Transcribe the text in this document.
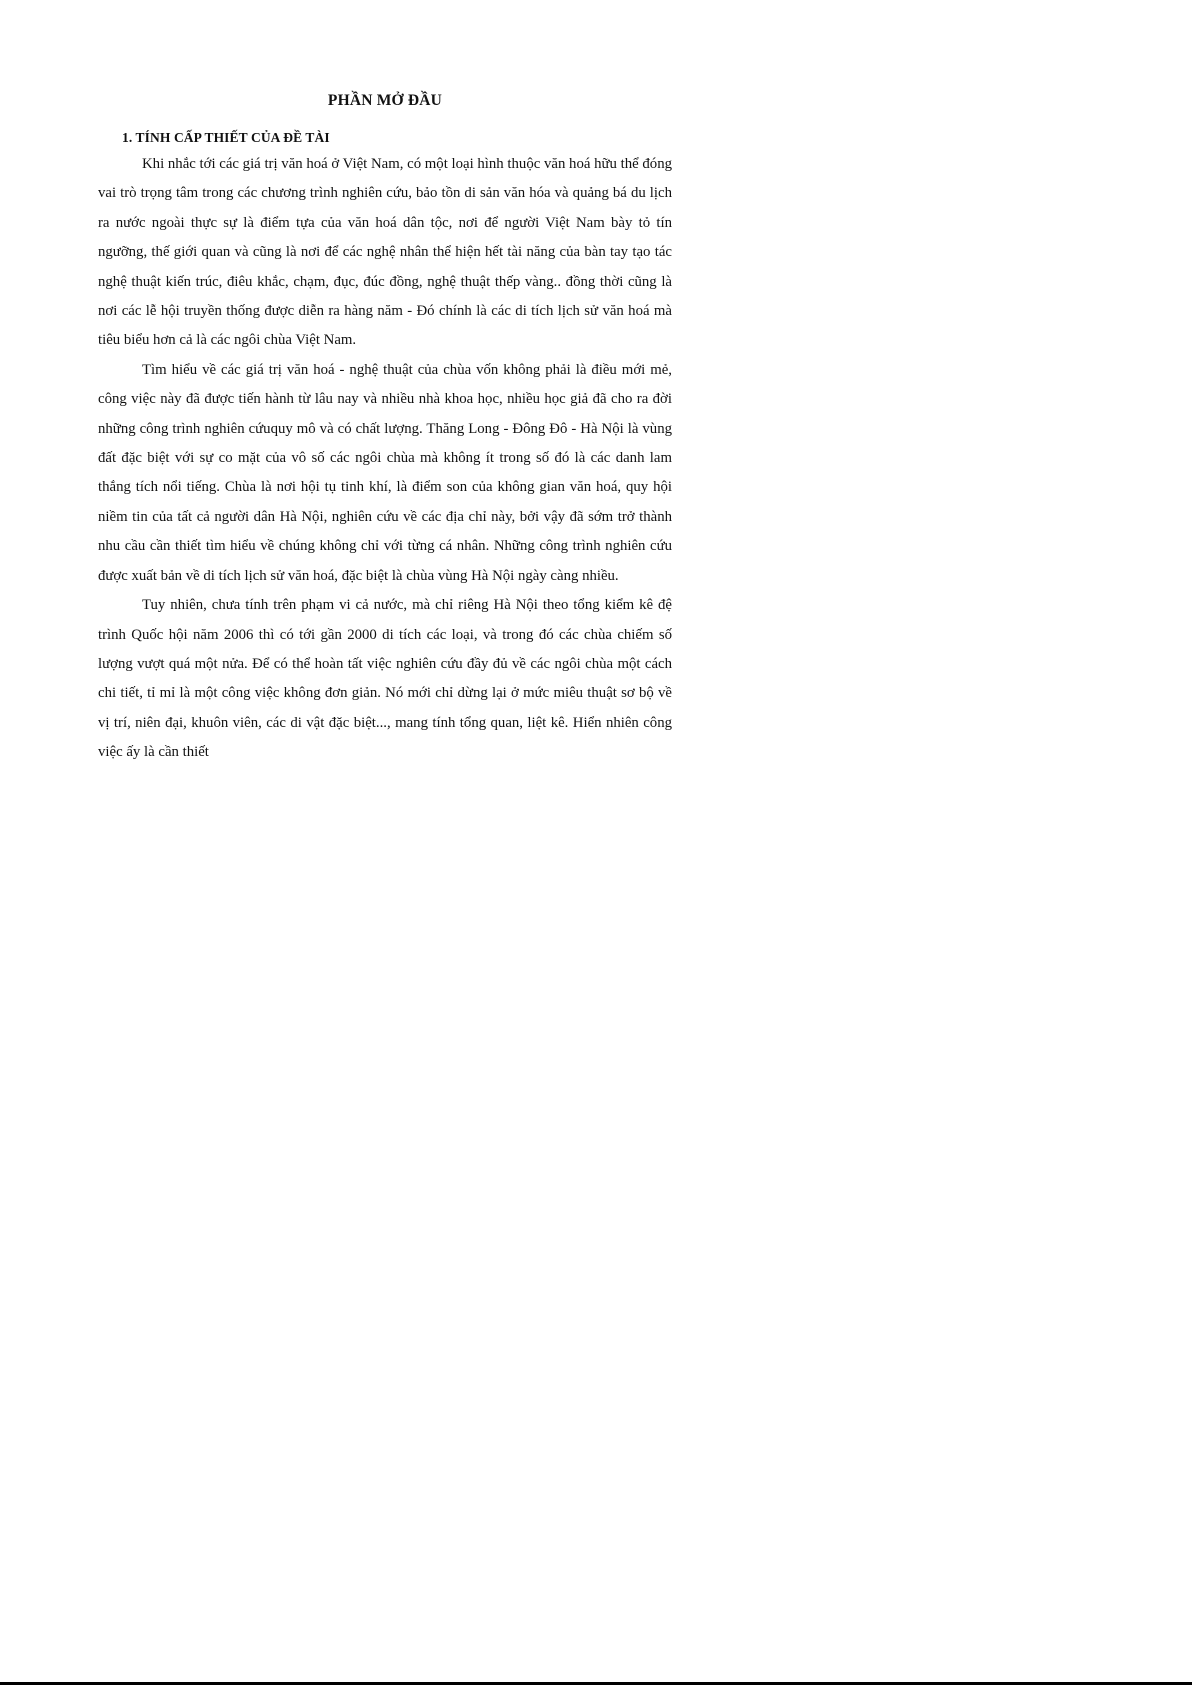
PHẦN MỞ ĐẦU
1. TÍNH CẤP THIẾT CỦA ĐỀ TÀI

Khi nhắc tới các giá trị văn hoá ở Việt Nam, có một loại hình thuộc văn hoá hữu thể đóng vai trò trọng tâm trong các chương trình nghiên cứu, bảo tồn di sản văn hóa và quảng bá du lịch ra nước ngoài thực sự là điểm tựa của văn hoá dân tộc, nơi để người Việt Nam bày tỏ tín ngưỡng, thế giới quan và cũng là nơi để các nghệ nhân thể hiện hết tài năng của bàn tay tạo tác nghệ thuật kiến trúc, điêu khắc, chạm, đục, đúc đồng, nghệ thuật thếp vàng.. đồng thời cũng là nơi các lễ hội truyền thống được diễn ra hàng năm - Đó chính là các di tích lịch sử văn hoá mà tiêu biểu hơn cả là các ngôi chùa Việt Nam.

Tìm hiểu về các giá trị văn hoá - nghệ thuật của chùa vốn không phải là điều mới mẻ, công việc này đã được tiến hành từ lâu nay và nhiều nhà khoa học, nhiều học giả đã cho ra đời những công trình nghiên cứuquy mô và có chất lượng. Thăng Long - Đông Đô - Hà Nội là vùng đất đặc biệt với sự co mặt của vô số các ngôi chùa mà không ít trong số đó là các danh lam thắng tích nổi tiếng. Chùa là nơi hội tụ tinh khí, là điểm son của không gian văn hoá, quy hội niềm tin của tất cả người dân Hà Nội, nghiên cứu về các địa chỉ này, bởi vậy đã sớm trở thành nhu cầu cần thiết tìm hiểu về chúng không chỉ với từng cá nhân. Những công trình nghiên cứu được xuất bản về di tích lịch sử văn hoá, đặc biệt là chùa vùng Hà Nội ngày càng nhiều.

Tuy nhiên, chưa tính trên phạm vi cả nước, mà chỉ riêng Hà Nội theo tổng kiểm kê đệ trình Quốc hội năm 2006 thì có tới gần 2000 di tích các loại, và trong đó các chùa chiếm số lượng vượt quá một nửa. Để có thể hoàn tất việc nghiên cứu đầy đủ về các ngôi chùa một cách chi tiết, tỉ mỉ là một công việc không đơn giản. Nó mới chỉ dừng lại ở mức miêu thuật sơ bộ về vị trí, niên đại, khuôn viên, các di vật đặc biệt..., mang tính tổng quan, liệt kê. Hiển nhiên công việc ấy là cần thiết
